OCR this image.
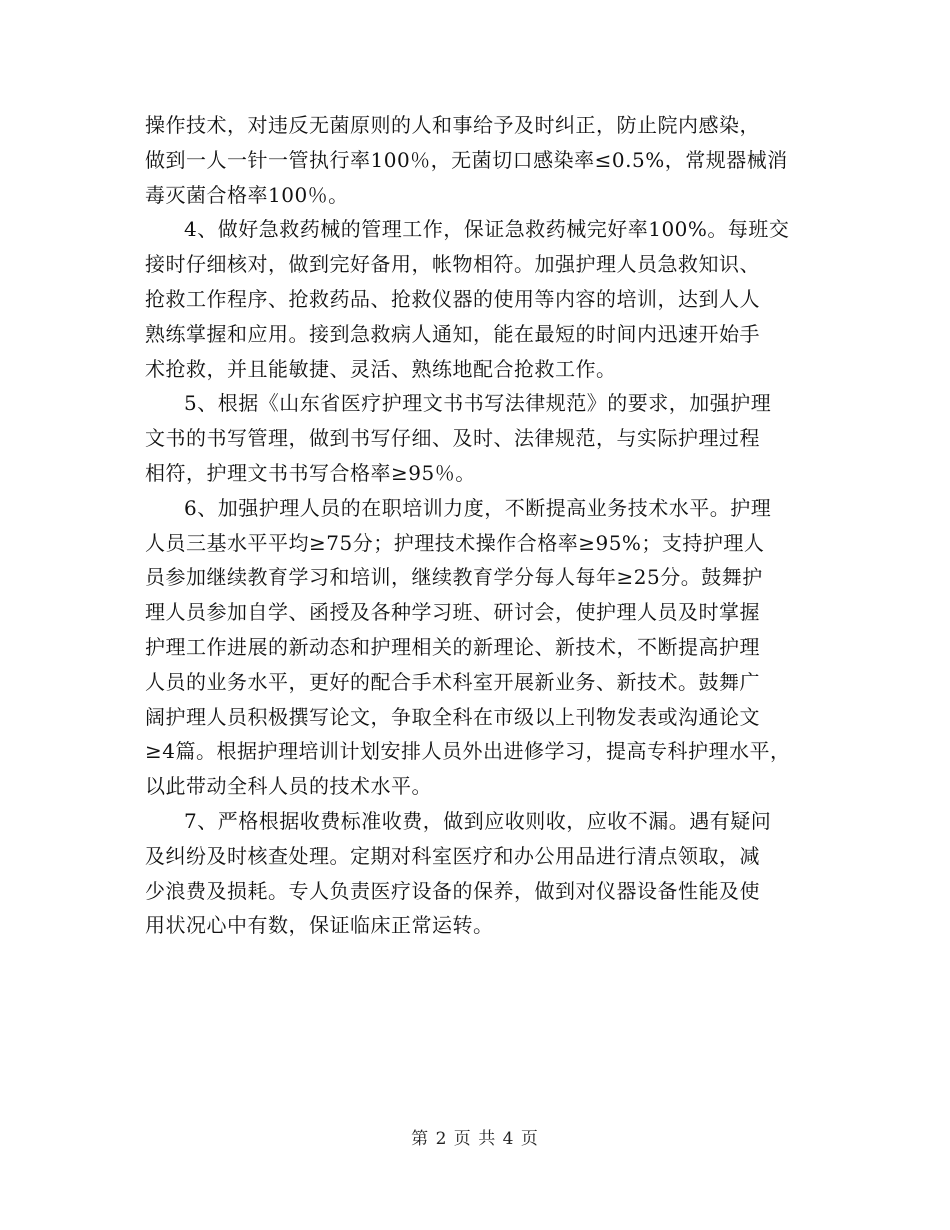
操作技术，对违反无菌原则的人和事给予及时纠正，防止院内感染，
做到一人一针一管执行率100％，无菌切口感染率≤0.5%，常规器械消
毒灭菌合格率100％。
4、做好急救药械的管理工作，保证急救药械完好率100%。每班交
接时仔细核对，做到完好备用，帐物相符。加强护理人员急救知识、
抢救工作程序、抢救药品、抢救仪器的使用等内容的培训，达到人人
熟练掌握和应用。接到急救病人通知，能在最短的时间内迅速开始手
术抢救，并且能敏捷、灵活、熟练地配合抢救工作。
5、根据《山东省医疗护理文书书写法律规范》的要求，加强护理
文书的书写管理，做到书写仔细、及时、法律规范，与实际护理过程
相符，护理文书书写合格率≥95％。
6、加强护理人员的在职培训力度，不断提高业务技术水平。护理
人员三基水平平均≥75分；护理技术操作合格率≥95%；支持护理人
员参加继续教育学习和培训，继续教育学分每人每年≥25分。鼓舞护
理人员参加自学、函授及各种学习班、研讨会，使护理人员及时掌握
护理工作进展的新动态和护理相关的新理论、新技术，不断提高护理
人员的业务水平，更好的配合手术科室开展新业务、新技术。鼓舞广
阔护理人员积极撰写论文，争取全科在市级以上刊物发表或沟通论文
≥4篇。根据护理培训计划安排人员外出进修学习，提高专科护理水平，
以此带动全科人员的技术水平。
7、严格根据收费标准收费，做到应收则收，应收不漏。遇有疑问
及纠纷及时核查处理。定期对科室医疗和办公用品进行清点领取，减
少浪费及损耗。专人负责医疗设备的保养，做到对仪器设备性能及使
用状况心中有数，保证临床正常运转。
第 2 页 共 4 页
